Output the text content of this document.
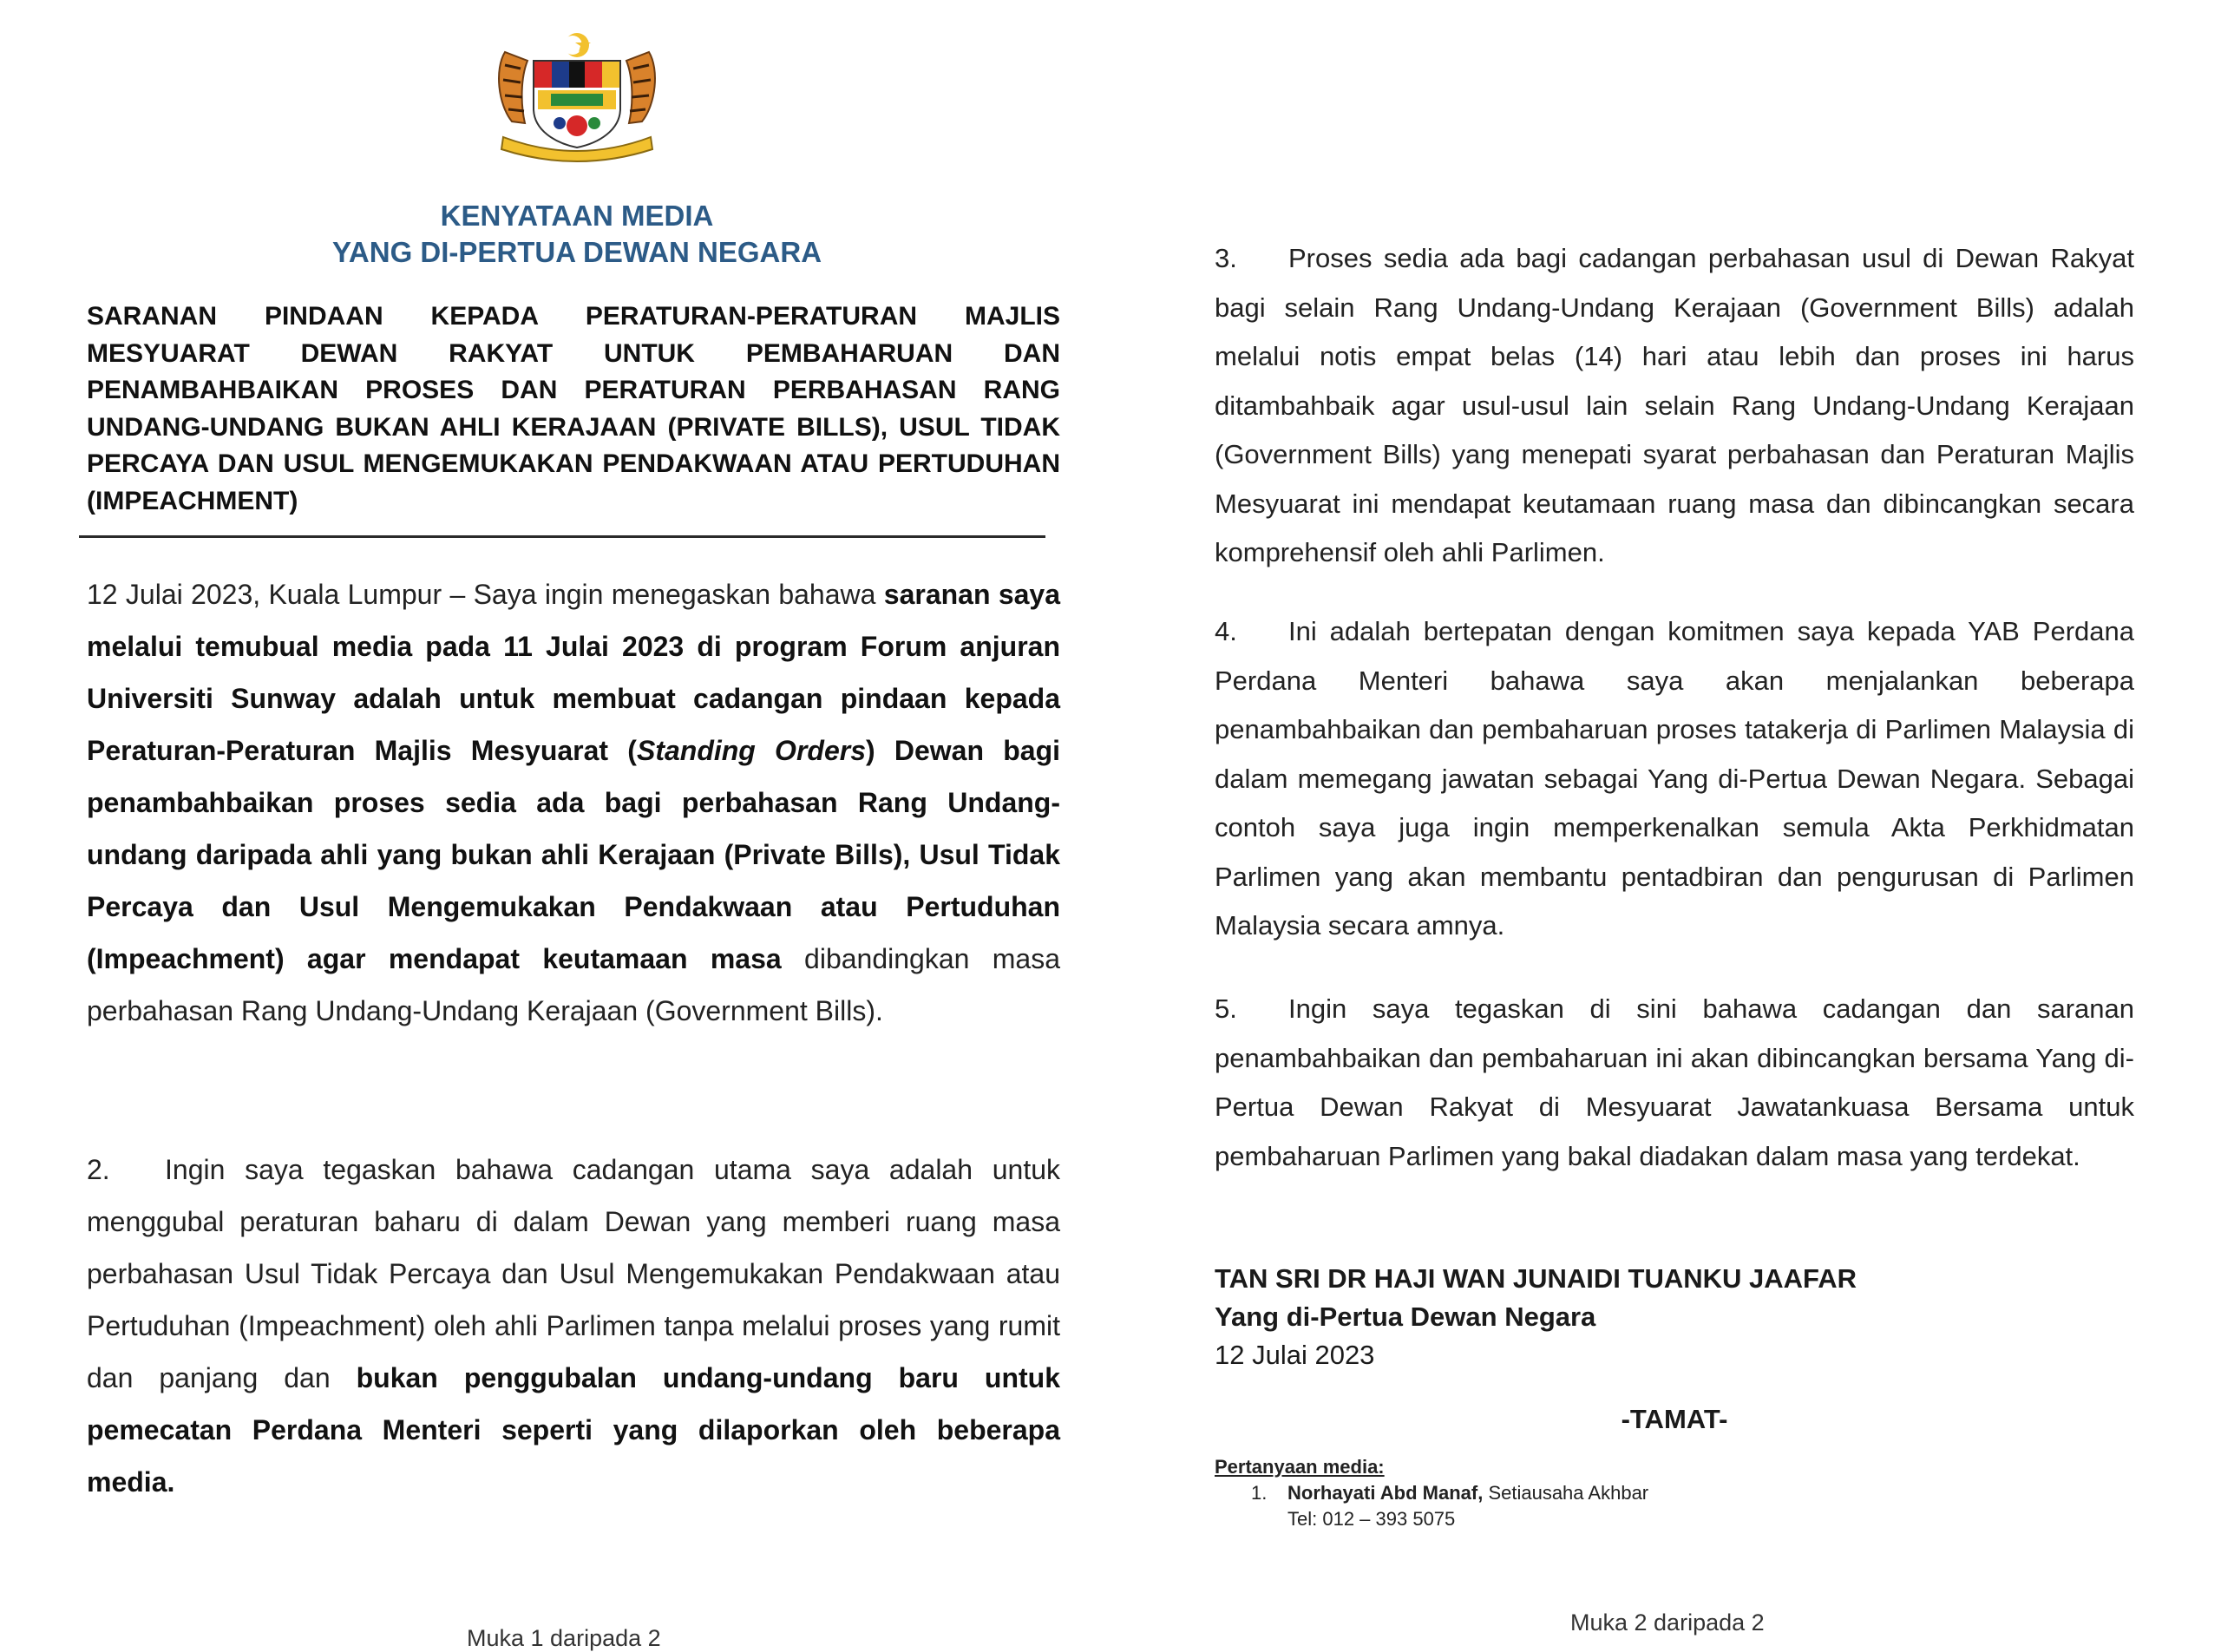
KENYATAAN MEDIA
YANG DI-PERTUA DEWAN NEGARA
SARANAN PINDAAN KEPADA PERATURAN-PERATURAN MAJLIS MESYUARAT DEWAN RAKYAT UNTUK PEMBAHARUAN DAN PENAMBAHBAIKAN PROSES DAN PERATURAN PERBAHASAN RANG UNDANG-UNDANG BUKAN AHLI KERAJAAN (PRIVATE BILLS), USUL TIDAK PERCAYA DAN USUL MENGEMUKAKAN PENDAKWAAN ATAU PERTUDUHAN (IMPEACHMENT)
12 Julai 2023, Kuala Lumpur – Saya ingin menegaskan bahawa saranan saya melalui temubual media pada 11 Julai 2023 di program Forum anjuran Universiti Sunway adalah untuk membuat cadangan pindaan kepada Peraturan-Peraturan Majlis Mesyuarat (Standing Orders) Dewan bagi penambahbaikan proses sedia ada bagi perbahasan Rang Undang-undang daripada ahli yang bukan ahli Kerajaan (Private Bills), Usul Tidak Percaya dan Usul Mengemukakan Pendakwaan atau Pertuduhan (Impeachment) agar mendapat keutamaan masa dibandingkan masa perbahasan Rang Undang-Undang Kerajaan (Government Bills).
2. Ingin saya tegaskan bahawa cadangan utama saya adalah untuk menggubal peraturan baharu di dalam Dewan yang memberi ruang masa perbahasan Usul Tidak Percaya dan Usul Mengemukakan Pendakwaan atau Pertuduhan (Impeachment) oleh ahli Parlimen tanpa melalui proses yang rumit dan panjang dan bukan penggubalan undang-undang baru untuk pemecatan Perdana Menteri seperti yang dilaporkan oleh beberapa media.
Muka 1 daripada 2
3. Proses sedia ada bagi cadangan perbahasan usul di Dewan Rakyat bagi selain Rang Undang-Undang Kerajaan (Government Bills) adalah melalui notis empat belas (14) hari atau lebih dan proses ini harus ditambahbaik agar usul-usul lain selain Rang Undang-Undang Kerajaan (Government Bills) yang menepati syarat perbahasan dan Peraturan Majlis Mesyuarat ini mendapat keutamaan ruang masa dan dibincangkan secara komprehensif oleh ahli Parlimen.
4. Ini adalah bertepatan dengan komitmen saya kepada YAB Perdana Perdana Menteri bahawa saya akan menjalankan beberapa penambahbaikan dan pembaharuan proses tatakerja di Parlimen Malaysia di dalam memegang jawatan sebagai Yang di-Pertua Dewan Negara. Sebagai contoh saya juga ingin memperkenalkan semula Akta Perkhidmatan Parlimen yang akan membantu pentadbiran dan pengurusan di Parlimen Malaysia secara amnya.
5. Ingin saya tegaskan di sini bahawa cadangan dan saranan penambahbaikan dan pembaharuan ini akan dibincangkan bersama Yang di-Pertua Dewan Rakyat di Mesyuarat Jawatankuasa Bersama untuk pembaharuan Parlimen yang bakal diadakan dalam masa yang terdekat.
TAN SRI DR HAJI WAN JUNAIDI TUANKU JAAFAR
Yang di-Pertua Dewan Negara
12 Julai 2023
-TAMAT-
Pertanyaan media:
1. Norhayati Abd Manaf, Setiausaha Akhbar
Tel: 012 – 393 5075
Muka 2 daripada 2
